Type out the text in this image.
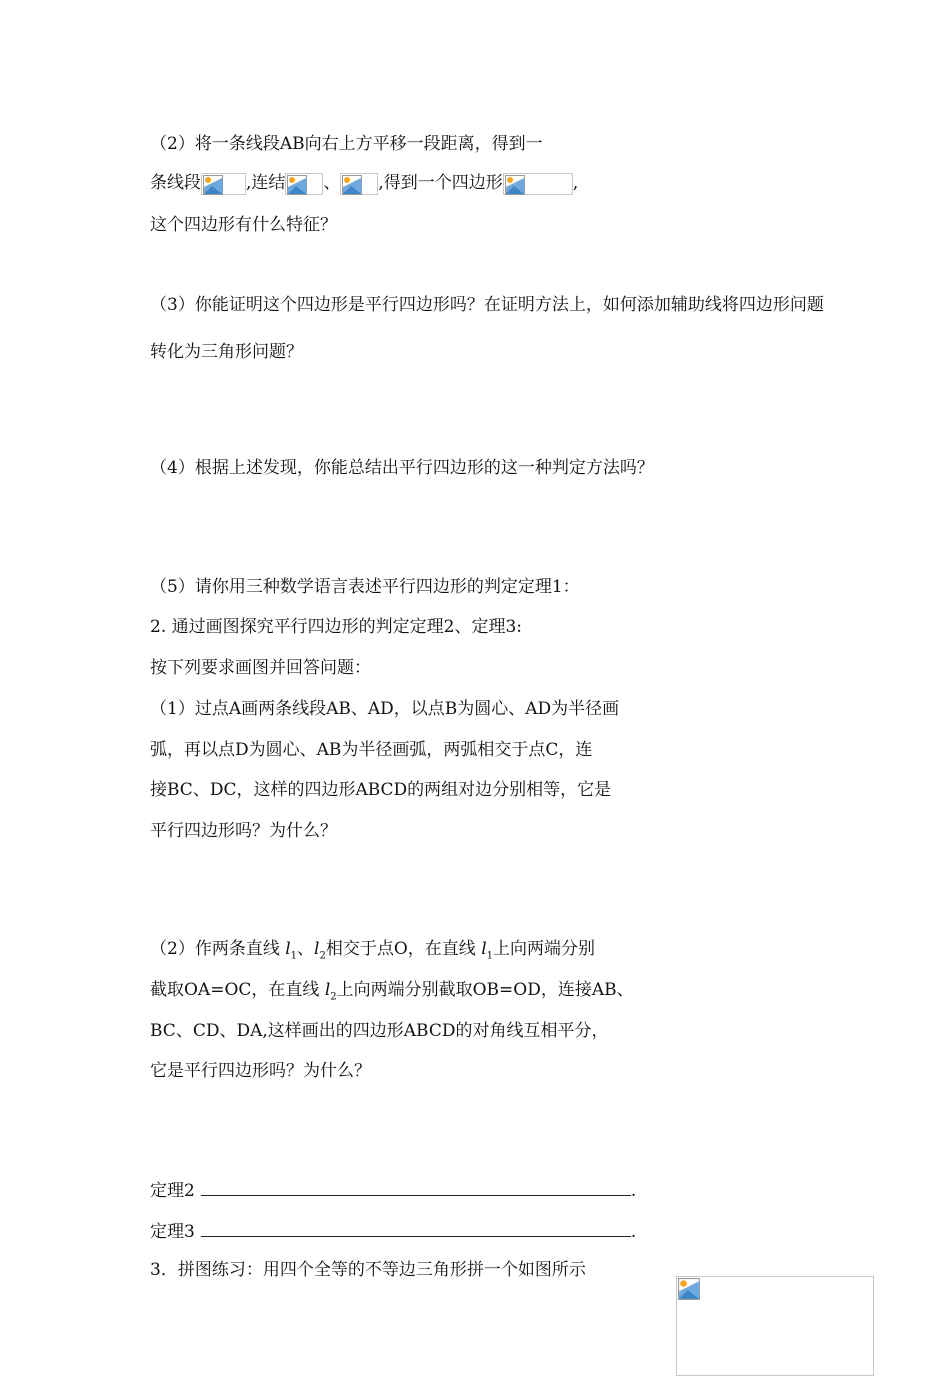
（2）将一条线段AB向右上方平移一段距离，得到一
条线段	,连结 、 ,得到一个四边形	,
这个四边形有什么特征？
（3）你能证明这个四边形是平行四边形吗？在证明方法上，如何添加辅助线将四边形问题
转化为三角形问题？
（4）根据上述发现，你能总结出平行四边形的这一种判定方法吗？
（5）请你用三种数学语言表述平行四边形的判定定理1：
2. 通过画图探究平行四边形的判定定理2、定理3:
按下列要求画图并回答问题：
（1）过点A画两条线段AB、AD，以点B为圆心、AD为半径画
弧，再以点D为圆心、AB为半径画弧，两弧相交于点C，连
接BC、DC，这样的四边形ABCD的两组对边分别相等，它是
平行四边形吗？为什么？
（2）作两条直线 $l_1$、$l_2$相交于点O，在直线 $l_1$上向两端分别
截取OA=OC，在直线 $l_2$上向两端分别截取OB=OD，连接AB、
BC、CD、DA,这样画出的四边形ABCD的对角线互相平分，
它是平行四边形吗？为什么？
定理2	.
定理3	.
3．拼图练习：用四个全等的不等边三角形拼一个如图所示
